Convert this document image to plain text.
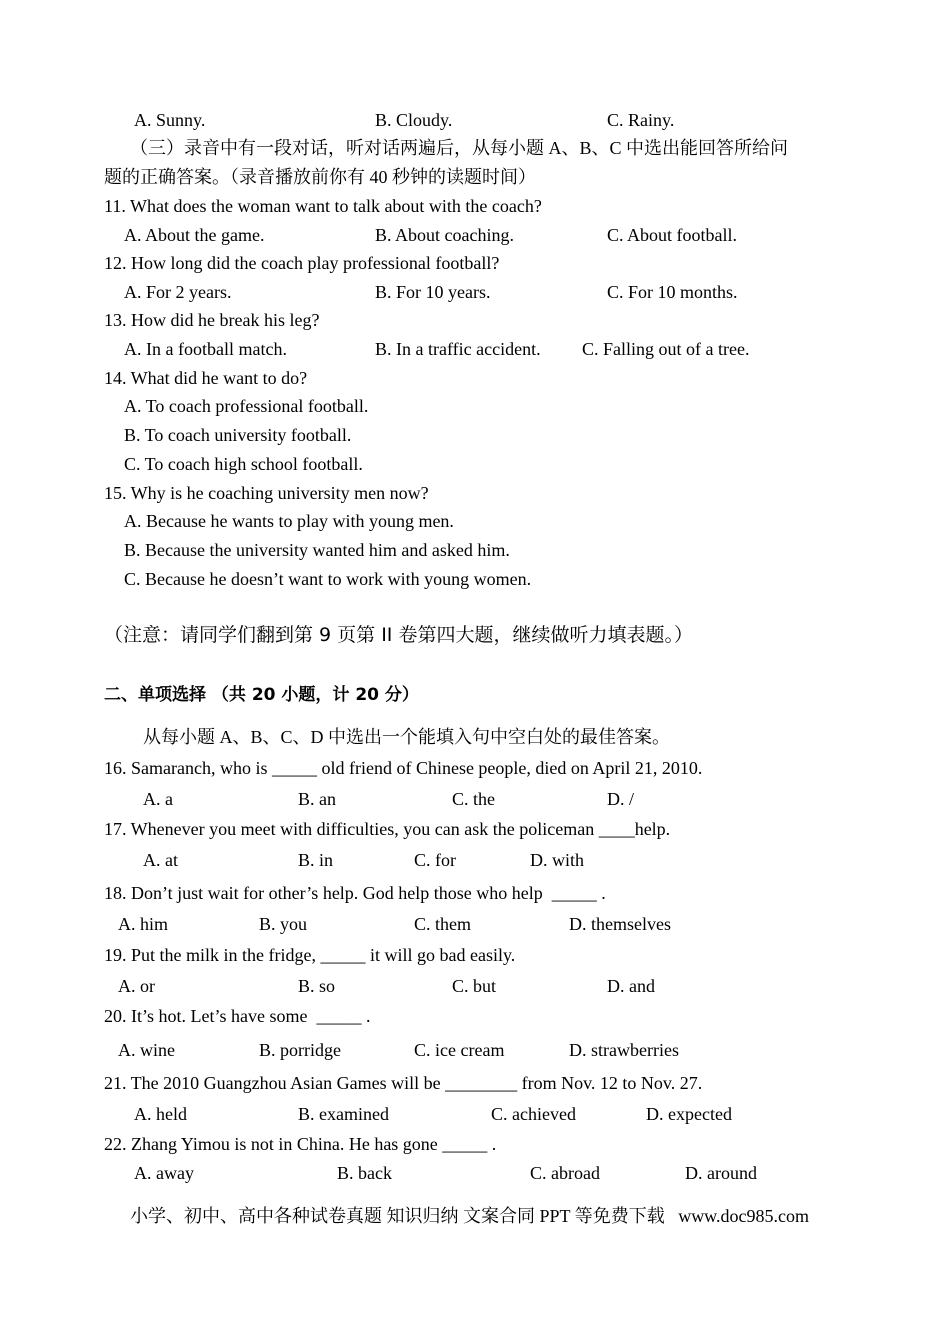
A. Sunny.	B. Cloudy.	C. Rainy.
（三）录音中有一段对话，听对话两遍后，从每小题 A、B、C 中选出能回答所给问
题的正确答案。（录音播放前你有 40 秒钟的读题时间）
11. What does the woman want to talk about with the coach?
A. About the game.	B. About coaching.	C. About football.
12. How long did the coach play professional football?
A. For 2 years.	B. For 10 years.	C. For 10 months.
13. How did he break his leg?
A. In a football match.	B. In a traffic accident. C. Falling out of a tree.
14. What did he want to do?
A. To coach professional football.
B. To coach university football.
C. To coach high school football.
15. Why is he coaching university men now?
A. Because he wants to play with young men.
B. Because the university wanted him and asked him.
C. Because he doesn’t want to work with young women.
（注意：请同学们翻到第 9 页第 II 卷第四大题，继续做听力填表题。）
二、单项选择 （共 20 小题，计 20 分）
从每小题 A、B、C、D 中选出一个能填入句中空白处的最佳答案。
16. Samaranch, who is _____ old friend of Chinese people, died on April 21, 2010.
A. a	B. an	C. the	D. /
17. Whenever you meet with difficulties, you can ask the policeman ____help.
A. at	B. in	C. for	D. with
18. Don’t just wait for other’s help. God help those who help  _____ .
A. him	B. you	C. them	D. themselves
19. Put the milk in the fridge, _____ it will go bad easily.
A. or	B. so	C. but	D. and
20. It’s hot. Let’s have some  _____ .
A. wine	B. porridge	C. ice cream	D. strawberries
21. The 2010 Guangzhou Asian Games will be ________ from Nov. 12 to Nov. 27.
A. held	B. examined	C. achieved	D. expected
22. Zhang Yimou is not in China. He has gone _____ .
A. away	B. back	C. abroad	D. around
小学、初中、高中各种试卷真题 知识归纳 文案合同 PPT 等免费下载   www.doc985.com
